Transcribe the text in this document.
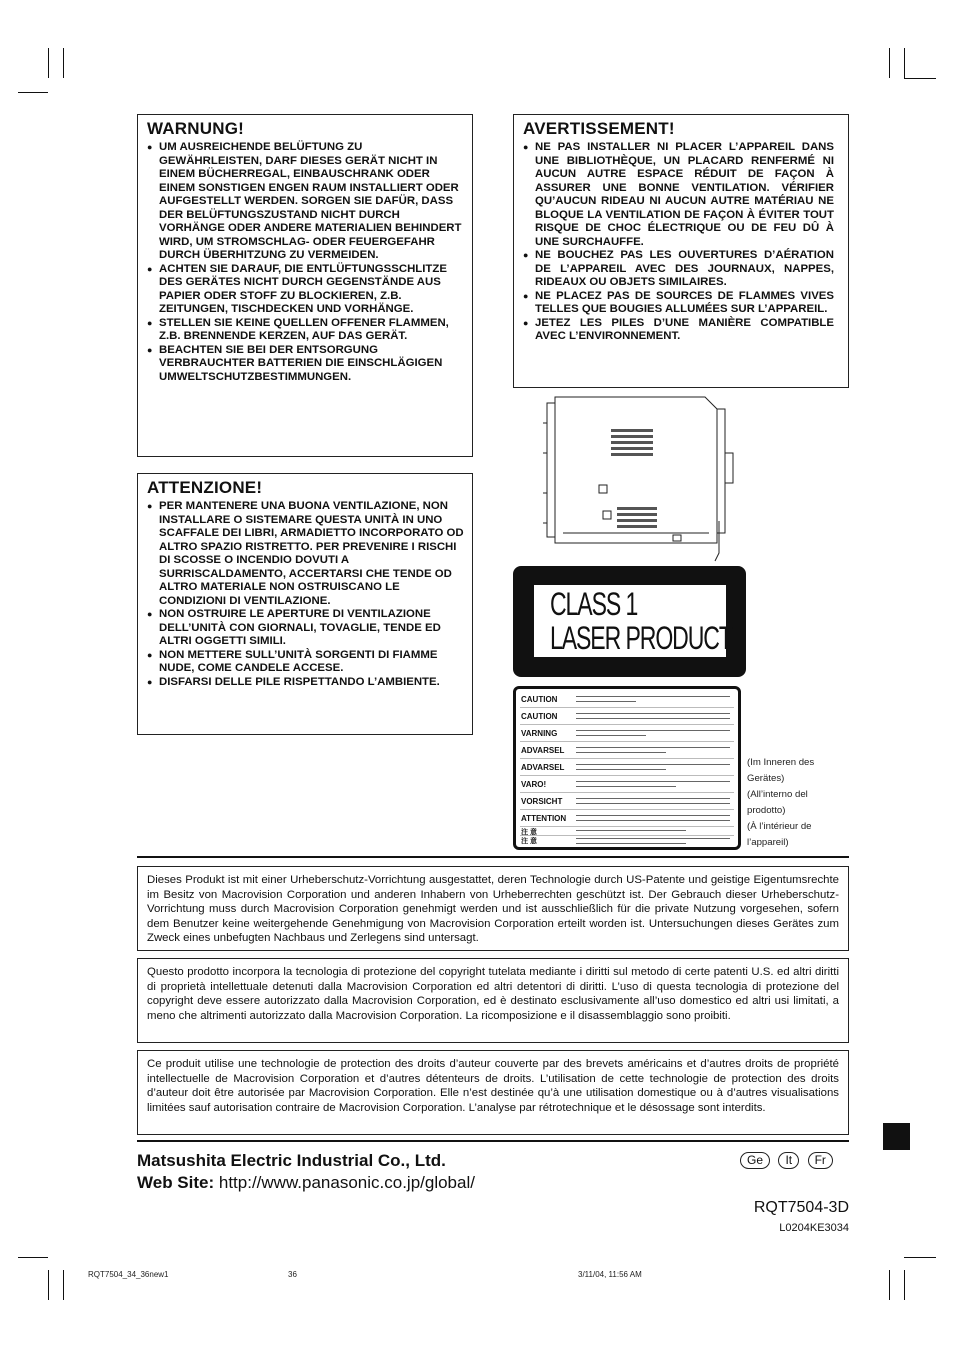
WARNUNG!
● UM AUSREICHENDE BELÜFTUNG ZU GEWÄHRLEISTEN, DARF DIESES GERÄT NICHT IN EINEM BÜCHERREGAL, EINBAUSCHRANK ODER EINEM SONSTIGEN ENGEN RAUM INSTALLIERT ODER AUFGESTELLT WERDEN. SORGEN SIE DAFÜR, DASS DER BELÜFTUNGSZUSTAND NICHT DURCH VORHÄNGE ODER ANDERE MATERIALIEN BEHINDERT WIRD, UM STROMSCHLAG- ODER FEUERGEFAHR DURCH ÜBERHITZUNG ZU VERMEIDEN.
● ACHTEN SIE DARAUF, DIE ENTLÜFTUNGSSCHLITZE DES GERÄTES NICHT DURCH GEGENSTÄNDE AUS PAPIER ODER STOFF ZU BLOCKIEREN, Z.B. ZEITUNGEN, TISCHDECKEN UND VORHÄNGE.
● STELLEN SIE KEINE QUELLEN OFFENER FLAMMEN, Z.B. BRENNENDE KERZEN, AUF DAS GERÄT.
● BEACHTEN SIE BEI DER ENTSORGUNG VERBRAUCHTER BATTERIEN DIE EINSCHLÄGIGEN UMWELTSCHUTZBESTIMMUNGEN.
ATTENZIONE!
● PER MANTENERE UNA BUONA VENTILAZIONE, NON INSTALLARE O SISTEMARE QUESTA UNITÀ IN UNO SCAFFALE DEI LIBRI, ARMADIETTO INCORPORATO OD ALTRO SPAZIO RISTRETTO. PER PREVENIRE I RISCHI DI SCOSSE O INCENDIO DOVUTI A SURRISCALDAMENTO, ACCERTARSI CHE TENDE OD ALTRO MATERIALE NON OSTRUISCANO LE CONDIZIONI DI VENTILAZIONE.
● NON OSTRUIRE LE APERTURE DI VENTILAZIONE DELL’UNITÀ CON GIORNALI, TOVAGLIE, TENDE ED ALTRI OGGETTI SIMILI.
● NON METTERE SULL’UNITÀ SORGENTI DI FIAMME NUDE, COME CANDELE ACCESE.
● DISFARSI DELLE PILE RISPETTANDO L’AMBIENTE.
AVERTISSEMENT!
● NE PAS INSTALLER NI PLACER L’APPAREIL DANS UNE BIBLIOTHÈQUE, UN PLACARD RENFERMÉ NI AUCUN AUTRE ESPACE RÉDUIT DE FAÇON À ASSURER UNE BONNE VENTILATION. VÉRIFIER QU’AUCUN RIDEAU NI AUCUN AUTRE MATÉRIAU NE BLOQUE LA VENTILATION DE FAÇON À ÉVITER TOUT RISQUE DE CHOC ÉLECTRIQUE OU DE FEU DÛ À UNE SURCHAUFFE.
● NE BOUCHEZ PAS LES OUVERTURES D’AÉRATION DE L’APPAREIL AVEC DES JOURNAUX, NAPPES, RIDEAUX OU OBJETS SIMILAIRES.
● NE PLACEZ PAS DE SOURCES DE FLAMMES VIVES TELLES QUE BOUGIES ALLUMÉES SUR L’APPAREIL.
● JETEZ LES PILES D’UNE MANIÈRE COMPATIBLE AVEC L’ENVIRONNEMENT.
CLASS 1
LASER PRODUCT
CAUTION
CAUTION
VARNING
ADVARSEL
ADVARSEL
VARO!
VORSICHT
ATTENTION
注 意
注 意
(Im Inneren des
Gerätes)
(All’interno del
prodotto)
(À l’intérieur de
l’appareil)
Dieses Produkt ist mit einer Urheberschutz-Vorrichtung ausgestattet, deren Technologie durch US-Patente und geistige Eigentumsrechte im Besitz von Macrovision Corporation und anderen Inhabern von Urheberrechten geschützt ist. Der Gebrauch dieser Urheberschutz-Vorrichtung muss durch Macrovision Corporation genehmigt werden und ist ausschließlich für die private Nutzung vorgesehen, sofern dem Benutzer keine weitergehende Genehmigung von Macrovision Corporation erteilt worden ist. Untersuchungen dieses Gerätes zum Zweck eines unbefugten Nachbaus und Zerlegens sind untersagt.
Questo prodotto incorpora la tecnologia di protezione del copyright tutelata mediante i diritti sul metodo di certe patenti U.S. ed altri diritti di proprietà intellettuale detenuti dalla Macrovision Corporation ed altri detentori di diritti. L’uso di questa tecnologia di protezione del copyright deve essere autorizzato dalla Macrovision Corporation, ed è destinato esclusivamente all’uso domestico ed altri usi limitati, a meno che altrimenti autorizzato dalla Macrovision Corporation. La ricomposizione e il disassemblaggio sono proibiti.
Ce produit utilise une technologie de protection des droits d’auteur couverte par des brevets américains et d’autres droits de propriété intellectuelle de Macrovision Corporation et d’autres détenteurs de droits. L’utilisation de cette technologie de protection des droits d’auteur doit être autorisée par Macrovision Corporation. Elle n’est destinée qu’à une utilisation domestique ou à d’autres visualisations limitées sauf autorisation contraire de Macrovision Corporation. L’analyse par rétrotechnique et le désossage sont interdits.
Matsushita Electric Industrial Co., Ltd.
Web Site: http://www.panasonic.co.jp/global/
Ge It Fr
RQT7504-3D
L0204KE3034
RQT7504_34_36new1	36	3/11/04, 11:56 AM
